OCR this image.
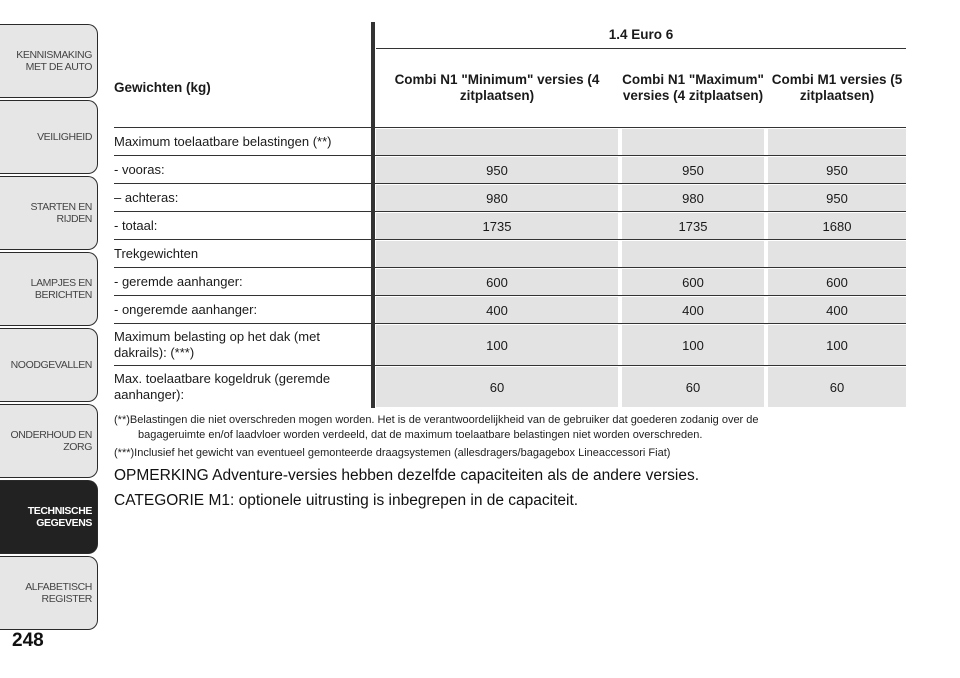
KENNISMAKING
MET DE AUTO
VEILIGHEID
STARTEN EN RIJDEN
LAMPJES EN
BERICHTEN
NOODGEVALLEN
ONDERHOUD EN
ZORG
TECHNISCHE
GEGEVENS
ALFABETISCH
REGISTER
248
1.4 Euro 6
Gewichten (kg)
Combi N1 "Minimum" versies (4 zitplaatsen)
Combi N1 "Maximum" versies (4 zitplaatsen)
Combi M1 versies (5 zitplaatsen)
Maximum toelaatbare belastingen (**)
- vooras:	950	950	950
– achteras:	980	980	950
- totaal:	1735	1735	1680
Trekgewichten
- geremde aanhanger:	600	600	600
- ongeremde aanhanger:	400	400	400
Maximum belasting op het dak (met dakrails): (***)	100	100	100
Max. toelaatbare kogeldruk (geremde aanhanger):	60	60	60
(**)Belastingen die niet overschreden mogen worden. Het is de verantwoordelijkheid van de gebruiker dat goederen zodanig over de
bagageruimte en/of laadvloer worden verdeeld, dat de maximum toelaatbare belastingen niet worden overschreden.
(***)Inclusief het gewicht van eventueel gemonteerde draagsystemen (allesdragers/bagagebox Lineaccessori Fiat)
OPMERKING Adventure-versies hebben dezelfde capaciteiten als de andere versies.
CATEGORIE M1: optionele uitrusting is inbegrepen in de capaciteit.
